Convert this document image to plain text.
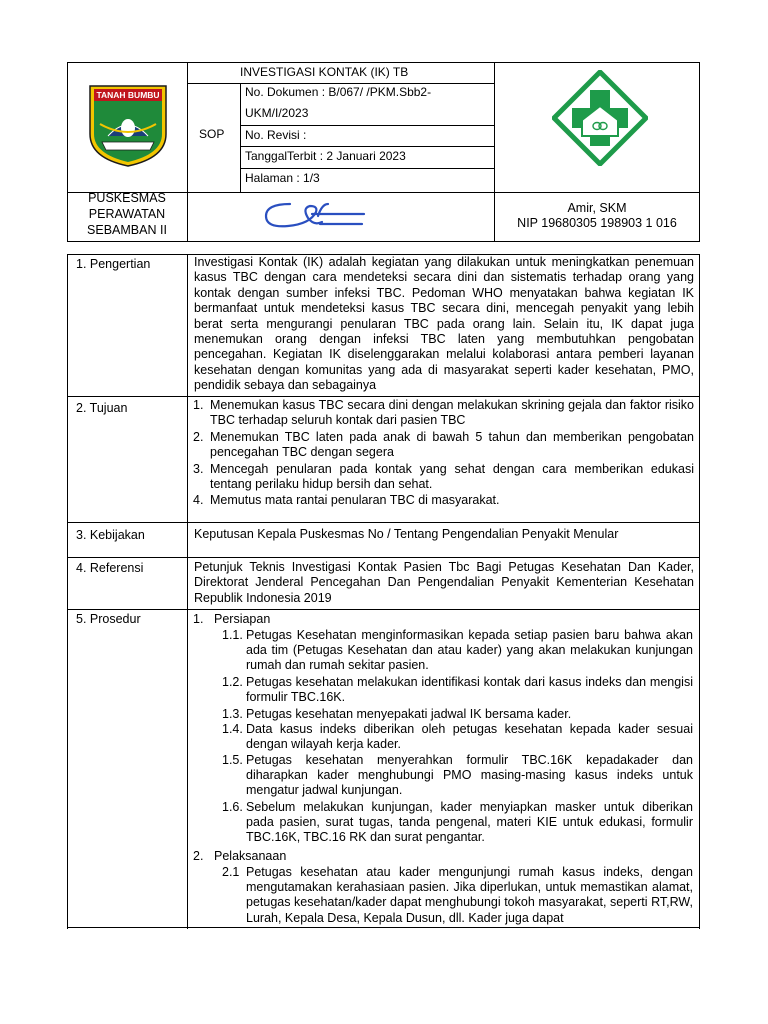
TANAH BUMBU
INVESTIGASI KONTAK (IK) TB
SOP
No. Dokumen : B/067/ /PKM.Sbb2-
UKM/I/2023
No. Revisi :
TanggalTerbit : 2 Januari 2023
Halaman : 1/3
PUSKESMAS
PERAWATAN
SEBAMBAN II
Amir, SKM
NIP 19680305 198903 1 016
1. Pengertian	Investigasi Kontak (IK) adalah kegiatan yang dilakukan untuk meningkatkan penemuan kasus TBC dengan cara mendeteksi secara dini dan sistematis terhadap orang yang kontak dengan sumber infeksi TBC. Pedoman WHO menyatakan bahwa kegiatan IK bermanfaat untuk mendeteksi kasus TBC secara dini, mencegah penyakit yang lebih berat serta mengurangi penularan TBC pada orang lain. Selain itu, IK dapat juga menemukan orang dengan infeksi TBC laten yang membutuhkan pengobatan pencegahan. Kegiatan IK diselenggarakan melalui kolaborasi antara pemberi layanan kesehatan dengan komunitas yang ada di masyarakat seperti kader kesehatan, PMO, pendidik sebaya dan sebagainya
2. Tujuan	1. Menemukan kasus TBC secara dini dengan melakukan skrining gejala dan faktor risiko TBC terhadap seluruh kontak dari pasien TBC
2. Menemukan TBC laten pada anak di bawah 5 tahun dan memberikan pengobatan pencegahan TBC dengan segera
3. Mencegah penularan pada kontak yang sehat dengan cara memberikan edukasi tentang perilaku hidup bersih dan sehat.
4. Memutus mata rantai penularan TBC di masyarakat.
3. Kebijakan	Keputusan Kepala Puskesmas No / Tentang Pengendalian Penyakit Menular
4. Referensi	Petunjuk Teknis Investigasi Kontak Pasien Tbc Bagi Petugas Kesehatan Dan Kader, Direktorat Jenderal Pencegahan Dan Pengendalian Penyakit Kementerian Kesehatan Republik Indonesia 2019
5. Prosedur	1. Persiapan
1.1. Petugas Kesehatan menginformasikan kepada setiap pasien baru bahwa akan ada tim (Petugas Kesehatan dan atau kader) yang akan melakukan kunjungan rumah dan rumah sekitar pasien.
1.2. Petugas kesehatan melakukan identifikasi kontak dari kasus indeks dan mengisi formulir TBC.16K.
1.3. Petugas kesehatan menyepakati jadwal IK bersama kader.
1.4. Data kasus indeks diberikan oleh petugas kesehatan kepada kader sesuai dengan wilayah kerja kader.
1.5. Petugas kesehatan menyerahkan formulir TBC.16K kepadakader dan diharapkan kader menghubungi PMO masing-masing kasus indeks untuk mengatur jadwal kunjungan.
1.6. Sebelum melakukan kunjungan, kader menyiapkan masker untuk diberikan pada pasien, surat tugas, tanda pengenal, materi KIE untuk edukasi, formulir TBC.16K, TBC.16 RK dan surat pengantar.
2. Pelaksanaan
2.1 Petugas kesehatan atau kader mengunjungi rumah kasus indeks, dengan mengutamakan kerahasiaan pasien. Jika diperlukan, untuk memastikan alamat, petugas kesehatan/kader dapat menghubungi tokoh masyarakat, seperti RT,RW, Lurah, Kepala Desa, Kepala Dusun, dll. Kader juga dapat
